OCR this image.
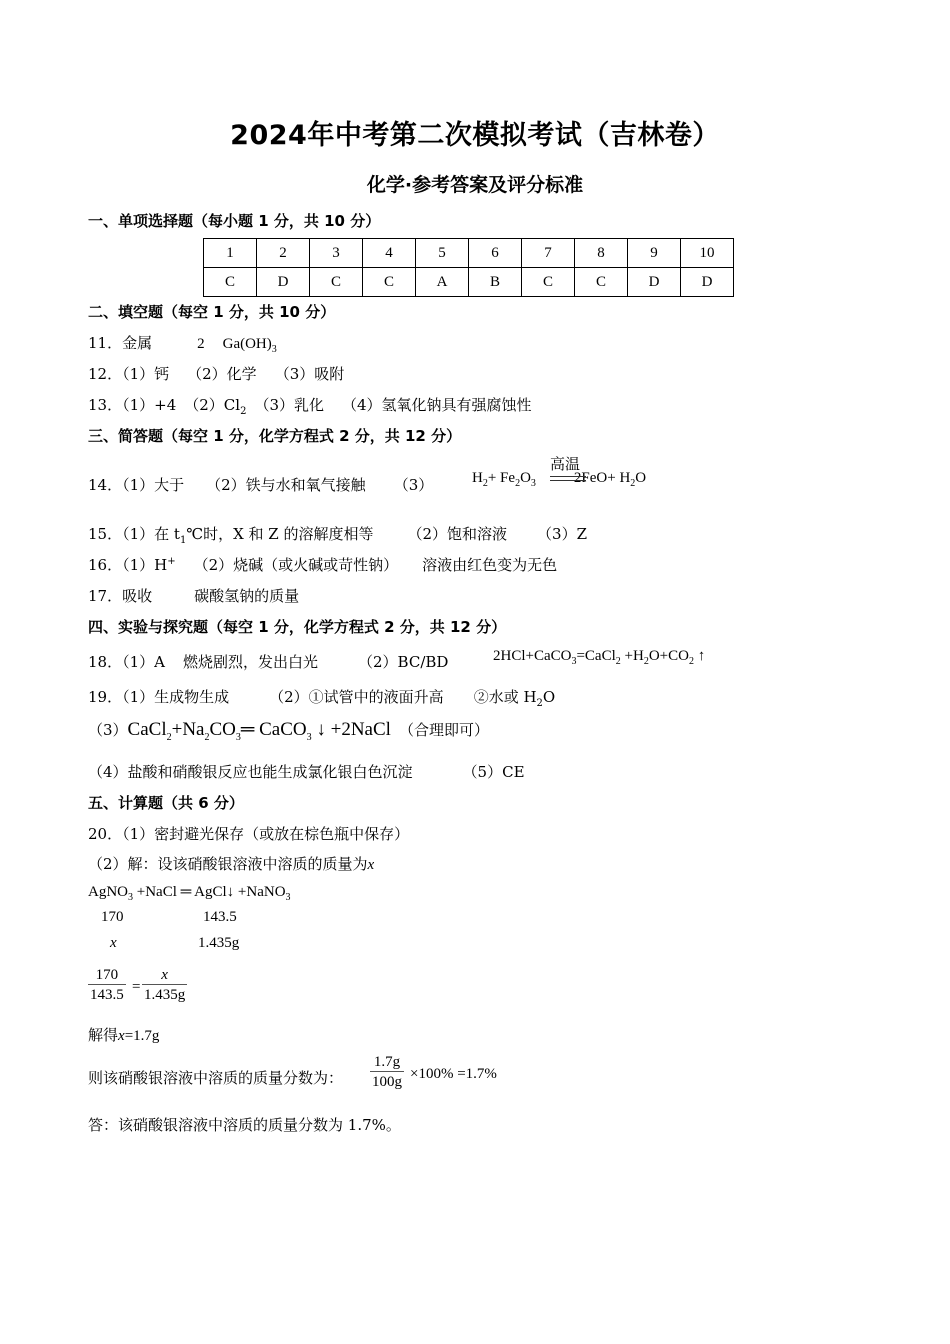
2024年中考第二次模拟考试（吉林卷）
化学·参考答案及评分标准
一、单项选择题（每小题 1 分，共 10 分）
1	2	3	4	5	6	7	8	9	10
C	D	C	C	A	B	C	C	D	D
二、填空题（每空 1 分，共 10 分）
11．金属	2 $Ga(OH)_3$
12．（1）钙 （2）化学 （3）吸附
13．（1）+4 $(2)Cl_2$ （3）乳化 （4）氢氧化钠具有强腐蚀性
三、简答题（每空 1 分，化学方程式 2 分，共 12 分）
14．（1）大于 （2）铁与水和氧气接触 （3）	$H_2+ Fe_2O_3$	$2FeO+ H_2O$
高温
15．（1）在 $t_1℃$时，X 和 Z 的溶解度相等 （2）饱和溶液 （3）Z
16．（1）H+ （2）烧碱（或火碱或苛性钠） 溶液由红色变为无色
17．吸收	碳酸氢钠的质量
四、实验与探究题（每空 1 分，化学方程式 2 分，共 12 分）
18．（1）A 燃烧剧烈，发出白光	（2）BC/BD	2HCl+CaCO$_3$=CaCl$_2$ $+H_2O+CO_2$ ↑
19．（1）生成物生成	（2）①试管中的液面升高 ②水或 $H_2O$
$(3)CaCl_2+Na_2CO_3═$ CaCO$_3$ ↓ +2NaCl （合理即可）
（4）盐酸和硝酸银反应也能生成氯化银白色沉淀	（5）CE
五、计算题（共 6 分）
20．（1）密封避光保存（或放在棕色瓶中保存）
（2）解：设该硝酸银溶液中溶质的质量为x
AgNO$_3$ +NaCl ═ AgCl↓ +NaNO$_3$
170	143.5
x	1.435g
$\frac{170}{143.5} = \frac{x}{1.435g}$
解得x=1.7g
则该硝酸银溶液中溶质的质量分数为： $\frac{1.7g}{100g} \times 100\% =1.7\%$
答：该硝酸银溶液中溶质的质量分数为 1.7%。
